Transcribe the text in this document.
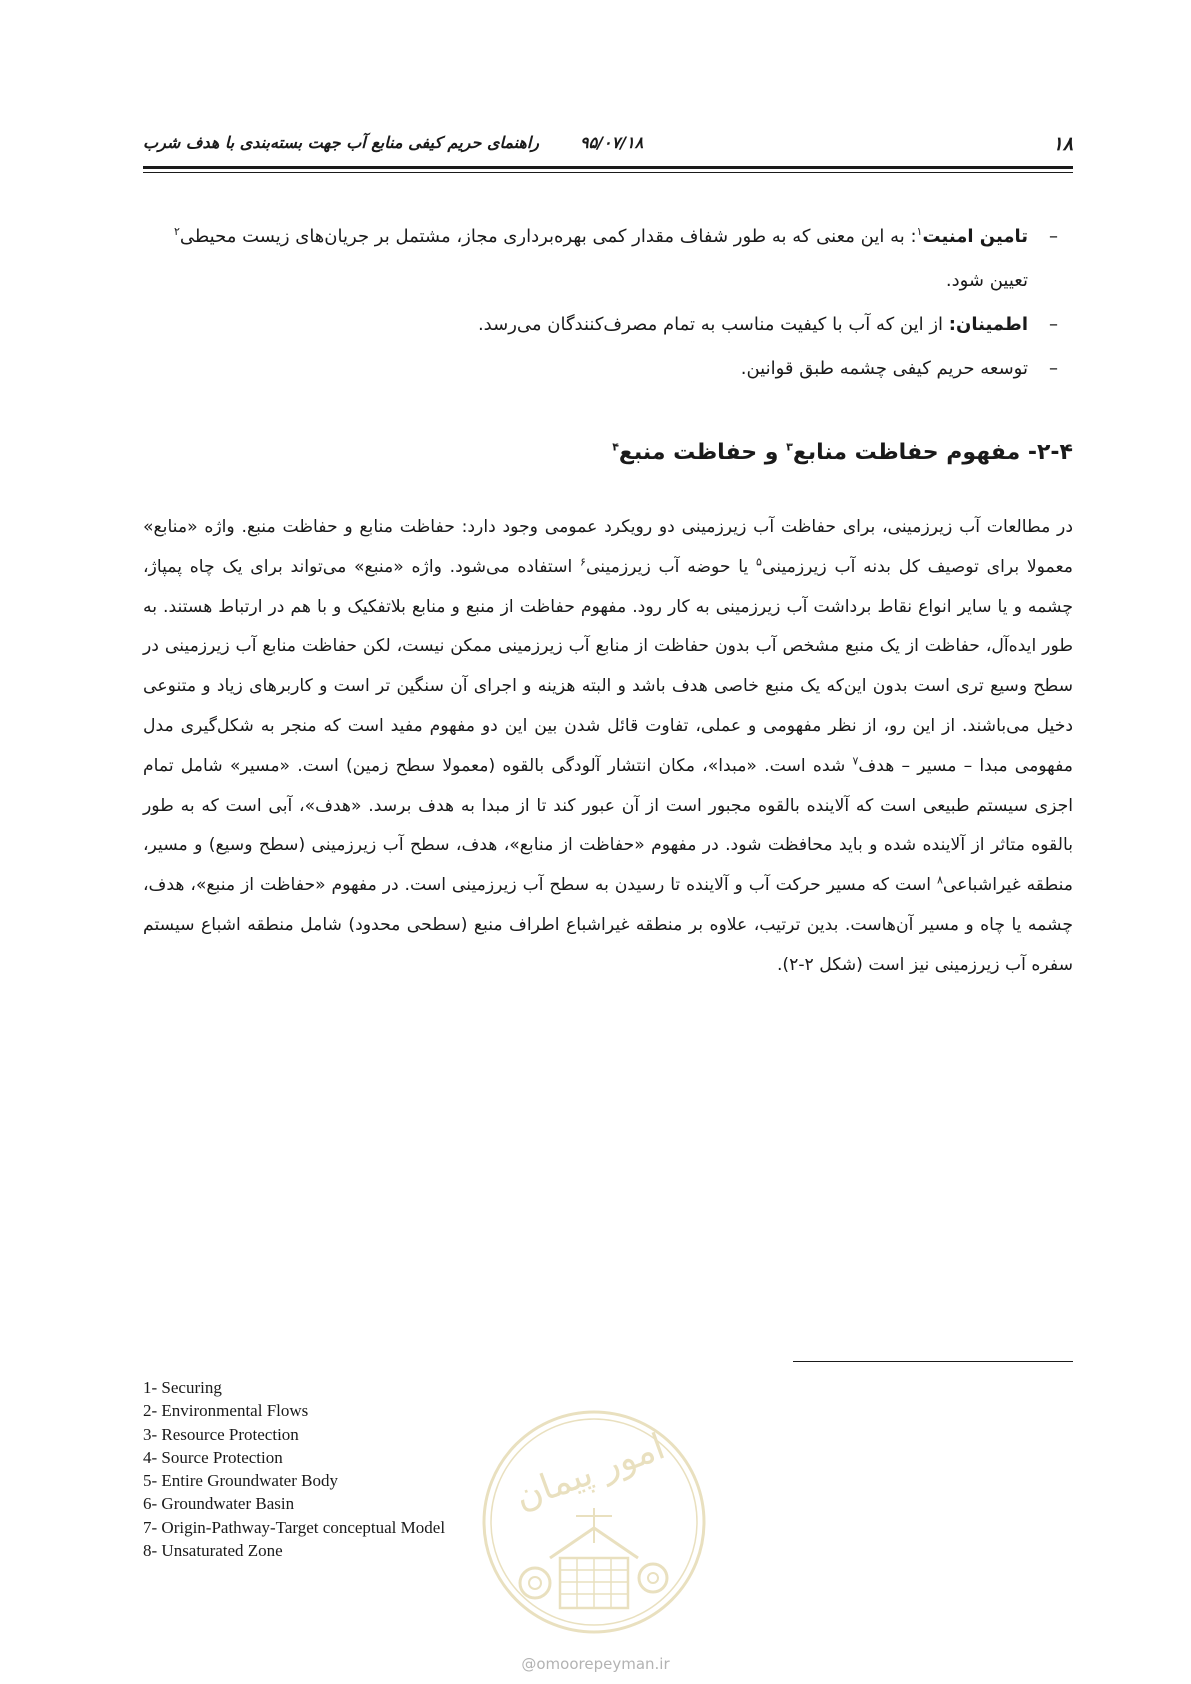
۱۸
۹۵/۰۷/۱۸
راهنمای حریم کیفی منابع آب جهت بسته‌بندی با هدف شرب
–
تامین امنیت$^۱$: به این معنی که به طور شفاف مقدار کمی بهره‌برداری مجاز، مشتمل بر جریان‌های زیست محیطی$^۲$ تعیین شود.
–
اطمینان: از این که آب با کیفیت مناسب به تمام مصرف‌کنندگان می‌رسد.
–
توسعه حریم کیفی چشمه طبق قوانین.
۲-۴- مفهوم حفاظت منابع$^۳$ و حفاظت منبع$^۴$
در مطالعات آب زیرزمینی، برای حفاظت آب زیرزمینی دو رویکرد عمومی وجود دارد: حفاظت منابع و حفاظت منبع. واژه «منابع» معمولا برای توصیف کل بدنه آب زیرزمینی$^۵$ یا حوضه آب زیرزمینی$^۶$ استفاده می‌شود. واژه «منبع» می‌تواند برای یک چاه پمپاژ، چشمه و یا سایر انواع نقاط برداشت آب زیرزمینی به کار رود. مفهوم حفاظت از منبع و منابع بلاتفکیک و با هم در ارتباط هستند. به طور ایده‌آل، حفاظت از یک منبع مشخص آب بدون حفاظت از منابع آب زیرزمینی ممکن نیست، لکن حفاظت منابع آب زیرزمینی در سطح وسیع تری است بدون این‌که یک منبع خاصی هدف باشد و البته هزینه و اجرای آن سنگین تر است و کاربرهای زیاد و متنوعی دخیل می‌باشند. از این رو، از نظر مفهومی و عملی، تفاوت قائل شدن بین این دو مفهوم مفید است که منجر به شکل‌گیری مدل مفهومی مبدا – مسیر – هدف$^۷$ شده است. «مبدا»، مکان انتشار آلودگی بالقوه (معمولا سطح زمین) است. «مسیر» شامل تمام اجزی سیستم طبیعی است که آلاینده بالقوه مجبور است از آن عبور کند تا از مبدا به هدف برسد. «هدف»، آبی است که به طور بالقوه متاثر از آلاینده شده و باید محافظت شود. در مفهوم «حفاظت از منابع»، هدف، سطح آب زیرزمینی (سطح وسیع) و مسیر، منطقه غیراشباعی$^۸$ است که مسیر حرکت آب و آلاینده تا رسیدن به سطح آب زیرزمینی است. در مفهوم «حفاظت از منبع»، هدف، چشمه یا چاه و مسیر آن‌هاست. بدین ترتیب، علاوه بر منطقه غیراشباع اطراف منبع (سطحی محدود) شامل منطقه اشباع سیستم سفره آب زیرزمینی نیز است (شکل ۲-۲).
1- Securing
2- Environmental Flows
3- Resource Protection
4- Source Protection
5- Entire Groundwater Body
6- Groundwater Basin
7- Origin-Pathway-Target conceptual Model
8- Unsaturated Zone
امور پیمان
@omoorepeyman.ir
